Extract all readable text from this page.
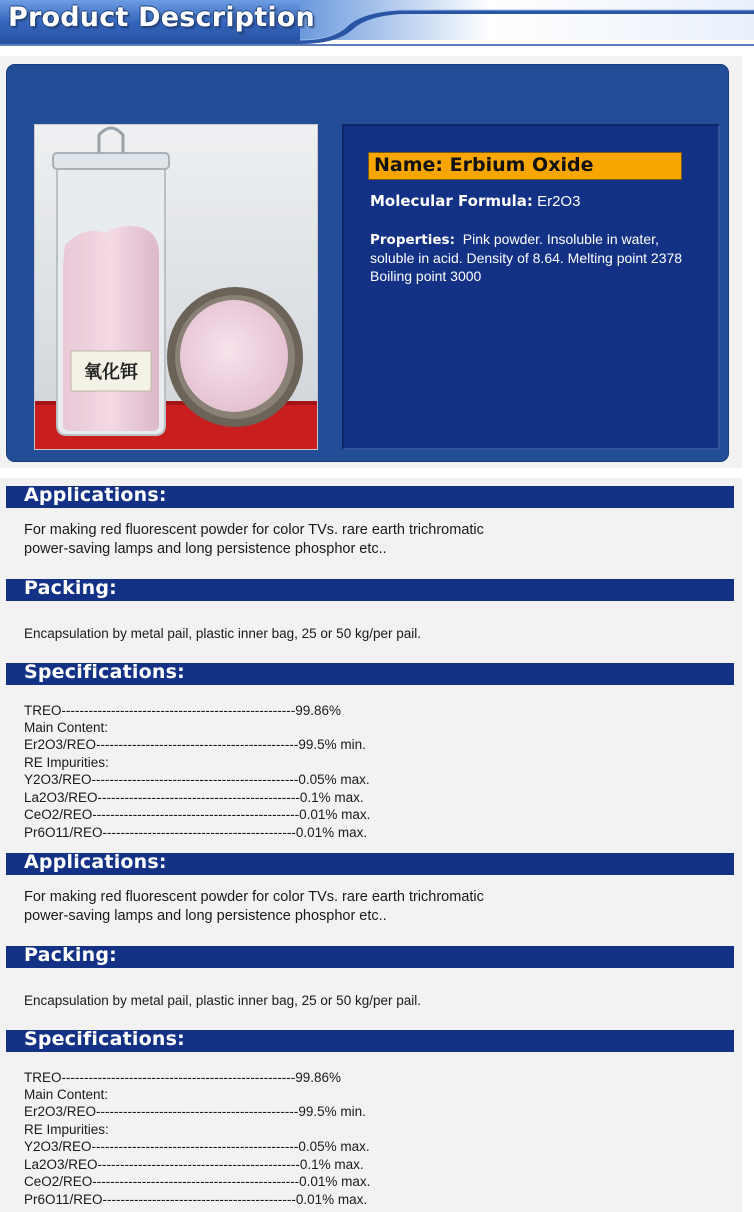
Product Description
氧化铒
Name: Erbium Oxide
Molecular Formula: Er2O3
Properties: Pink powder. Insoluble in water, soluble in acid. Density of 8.64. Melting point 2378 Boiling point 3000
Applications:
For making red fluorescent powder for color TVs. rare earth trichromatic
power-saving lamps and long persistence phosphor etc..
Packing:
Encapsulation by metal pail, plastic inner bag, 25 or 50 kg/per pail.
Specifications:
TREO----------------------------------------------------99.86%
Main Content:
Er2O3/REO---------------------------------------------99.5% min.
RE Impurities:
Y2O3/REO----------------------------------------------0.05% max.
La2O3/REO---------------------------------------------0.1% max.
CeO2/REO----------------------------------------------0.01% max.
Pr6O11/REO-------------------------------------------0.01% max.
Applications:
For making red fluorescent powder for color TVs. rare earth trichromatic
power-saving lamps and long persistence phosphor etc..
Packing:
Encapsulation by metal pail, plastic inner bag, 25 or 50 kg/per pail.
Specifications:
TREO----------------------------------------------------99.86%
Main Content:
Er2O3/REO---------------------------------------------99.5% min.
RE Impurities:
Y2O3/REO----------------------------------------------0.05% max.
La2O3/REO---------------------------------------------0.1% max.
CeO2/REO----------------------------------------------0.01% max.
Pr6O11/REO-------------------------------------------0.01% max.
